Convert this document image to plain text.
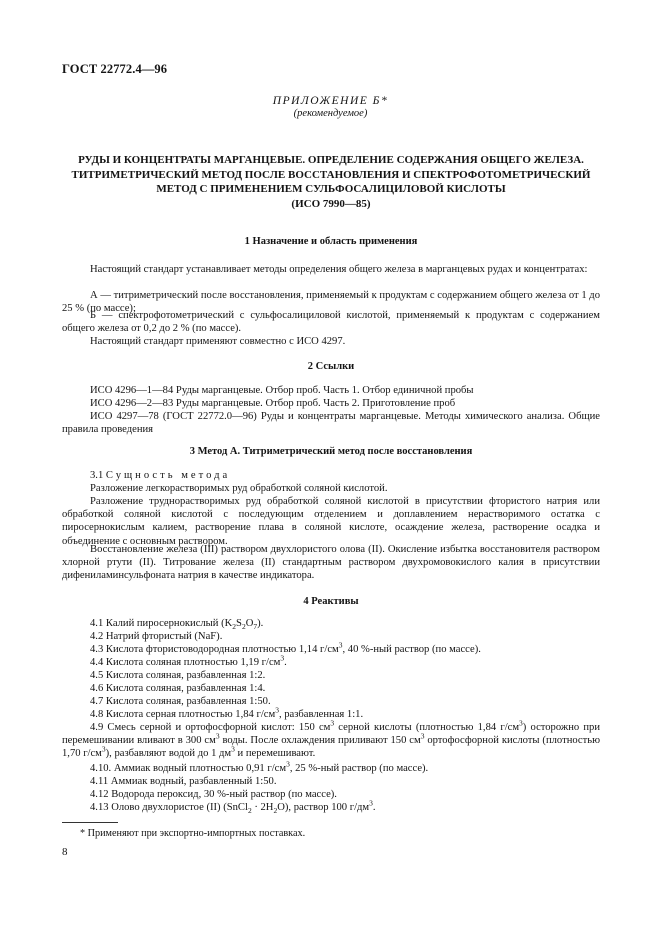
ГОСТ 22772.4—96
ПРИЛОЖЕНИЕ Б*
(рекомендуемое)
РУДЫ И КОНЦЕНТРАТЫ МАРГАНЦЕВЫЕ. ОПРЕДЕЛЕНИЕ СОДЕРЖАНИЯ ОБЩЕГО ЖЕЛЕЗА.
ТИТРИМЕТРИЧЕСКИЙ МЕТОД ПОСЛЕ ВОССТАНОВЛЕНИЯ И СПЕКТРОФОТОМЕТРИЧЕСКИЙ
МЕТОД С ПРИМЕНЕНИЕМ СУЛЬФОСАЛИЦИЛОВОЙ КИСЛОТЫ
(ИСО 7990—85)
1 Назначение и область применения
Настоящий стандарт устанавливает методы определения общего железа в марганцевых рудах и концентратах:
А — титриметрический после восстановления, применяемый к продуктам с содержанием общего железа от 1 до 25 % (по массе);
Б — спектрофотометрический с сульфосалициловой кислотой, применяемый к продуктам с содержанием общего железа от 0,2 до 2 % (по массе).
Настоящий стандарт применяют совместно с ИСО 4297.
2 Ссылки
ИСО 4296—1—84 Руды марганцевые. Отбор проб. Часть 1. Отбор единичной пробы
ИСО 4296—2—83 Руды марганцевые. Отбор проб. Часть 2. Приготовление проб
ИСО 4297—78 (ГОСТ 22772.0—96) Руды и концентраты марганцевые. Методы химического анализа. Общие правила проведения
3 Метод А. Титриметрический метод после восстановления
3.1 Сущность метода
Разложение легкорастворимых руд обработкой соляной кислотой.
Разложение труднорастворимых руд обработкой соляной кислотой в присутствии фтористого натрия или обработкой соляной кислотой с последующим отделением и доплавлением нерастворимого остатка с пиросернокислым калием, растворение плава в соляной кислоте, осаждение железа, растворение осадка и объединение с основным раствором.
Восстановление железа (III) раствором двухлористого олова (II). Окисление избытка восстановителя раствором хлорной ртути (II). Титрование железа (II) стандартным раствором двухромовокислого калия в присутствии дифениламинсульфоната натрия в качестве индикатора.
4 Реактивы
4.1 Калий пиросернокислый $(K_2S_2O_7)$.
4.2 Натрий фтористый (NaF).
4.3 Кислота фтористоводородная плотностью 1,14 $г/см^3$, 40 %-ный раствор (по массе).
4.4 Кислота соляная плотностью 1,19 $г/см^3$.
4.5 Кислота соляная, разбавленная 1:2.
4.6 Кислота соляная, разбавленная 1:4.
4.7 Кислота соляная, разбавленная 1:50.
4.8 Кислота серная плотностью 1,84 $г/см^3$, разбавленная 1:1.
4.9 Смесь серной и ортофосфорной кислот: 150 $см^3$ серной кислоты (плотностью 1,84 $г/см^3$) осторожно при перемешивании вливают в 300 $см^3$ воды. После охлаждения приливают 150 $см^3$ ортофосфорной кислоты (плотностью 1,70 $г/см^3$), разбавляют водой до 1 $дм^3$ и перемешивают.
4.10. Аммиак водный плотностью 0,91 $г/см^3$, 25 %-ный раствор (по массе).
4.11 Аммиак водный, разбавленный 1:50.
4.12 Водорода пероксид, 30 %-ный раствор (по массе).
4.13 Олово двухлористое (II) (SnCl$_2$ · $2H_2O$), раствор 100 $г/дм^3$.
* Применяют при экспортно-импортных поставках.
8
